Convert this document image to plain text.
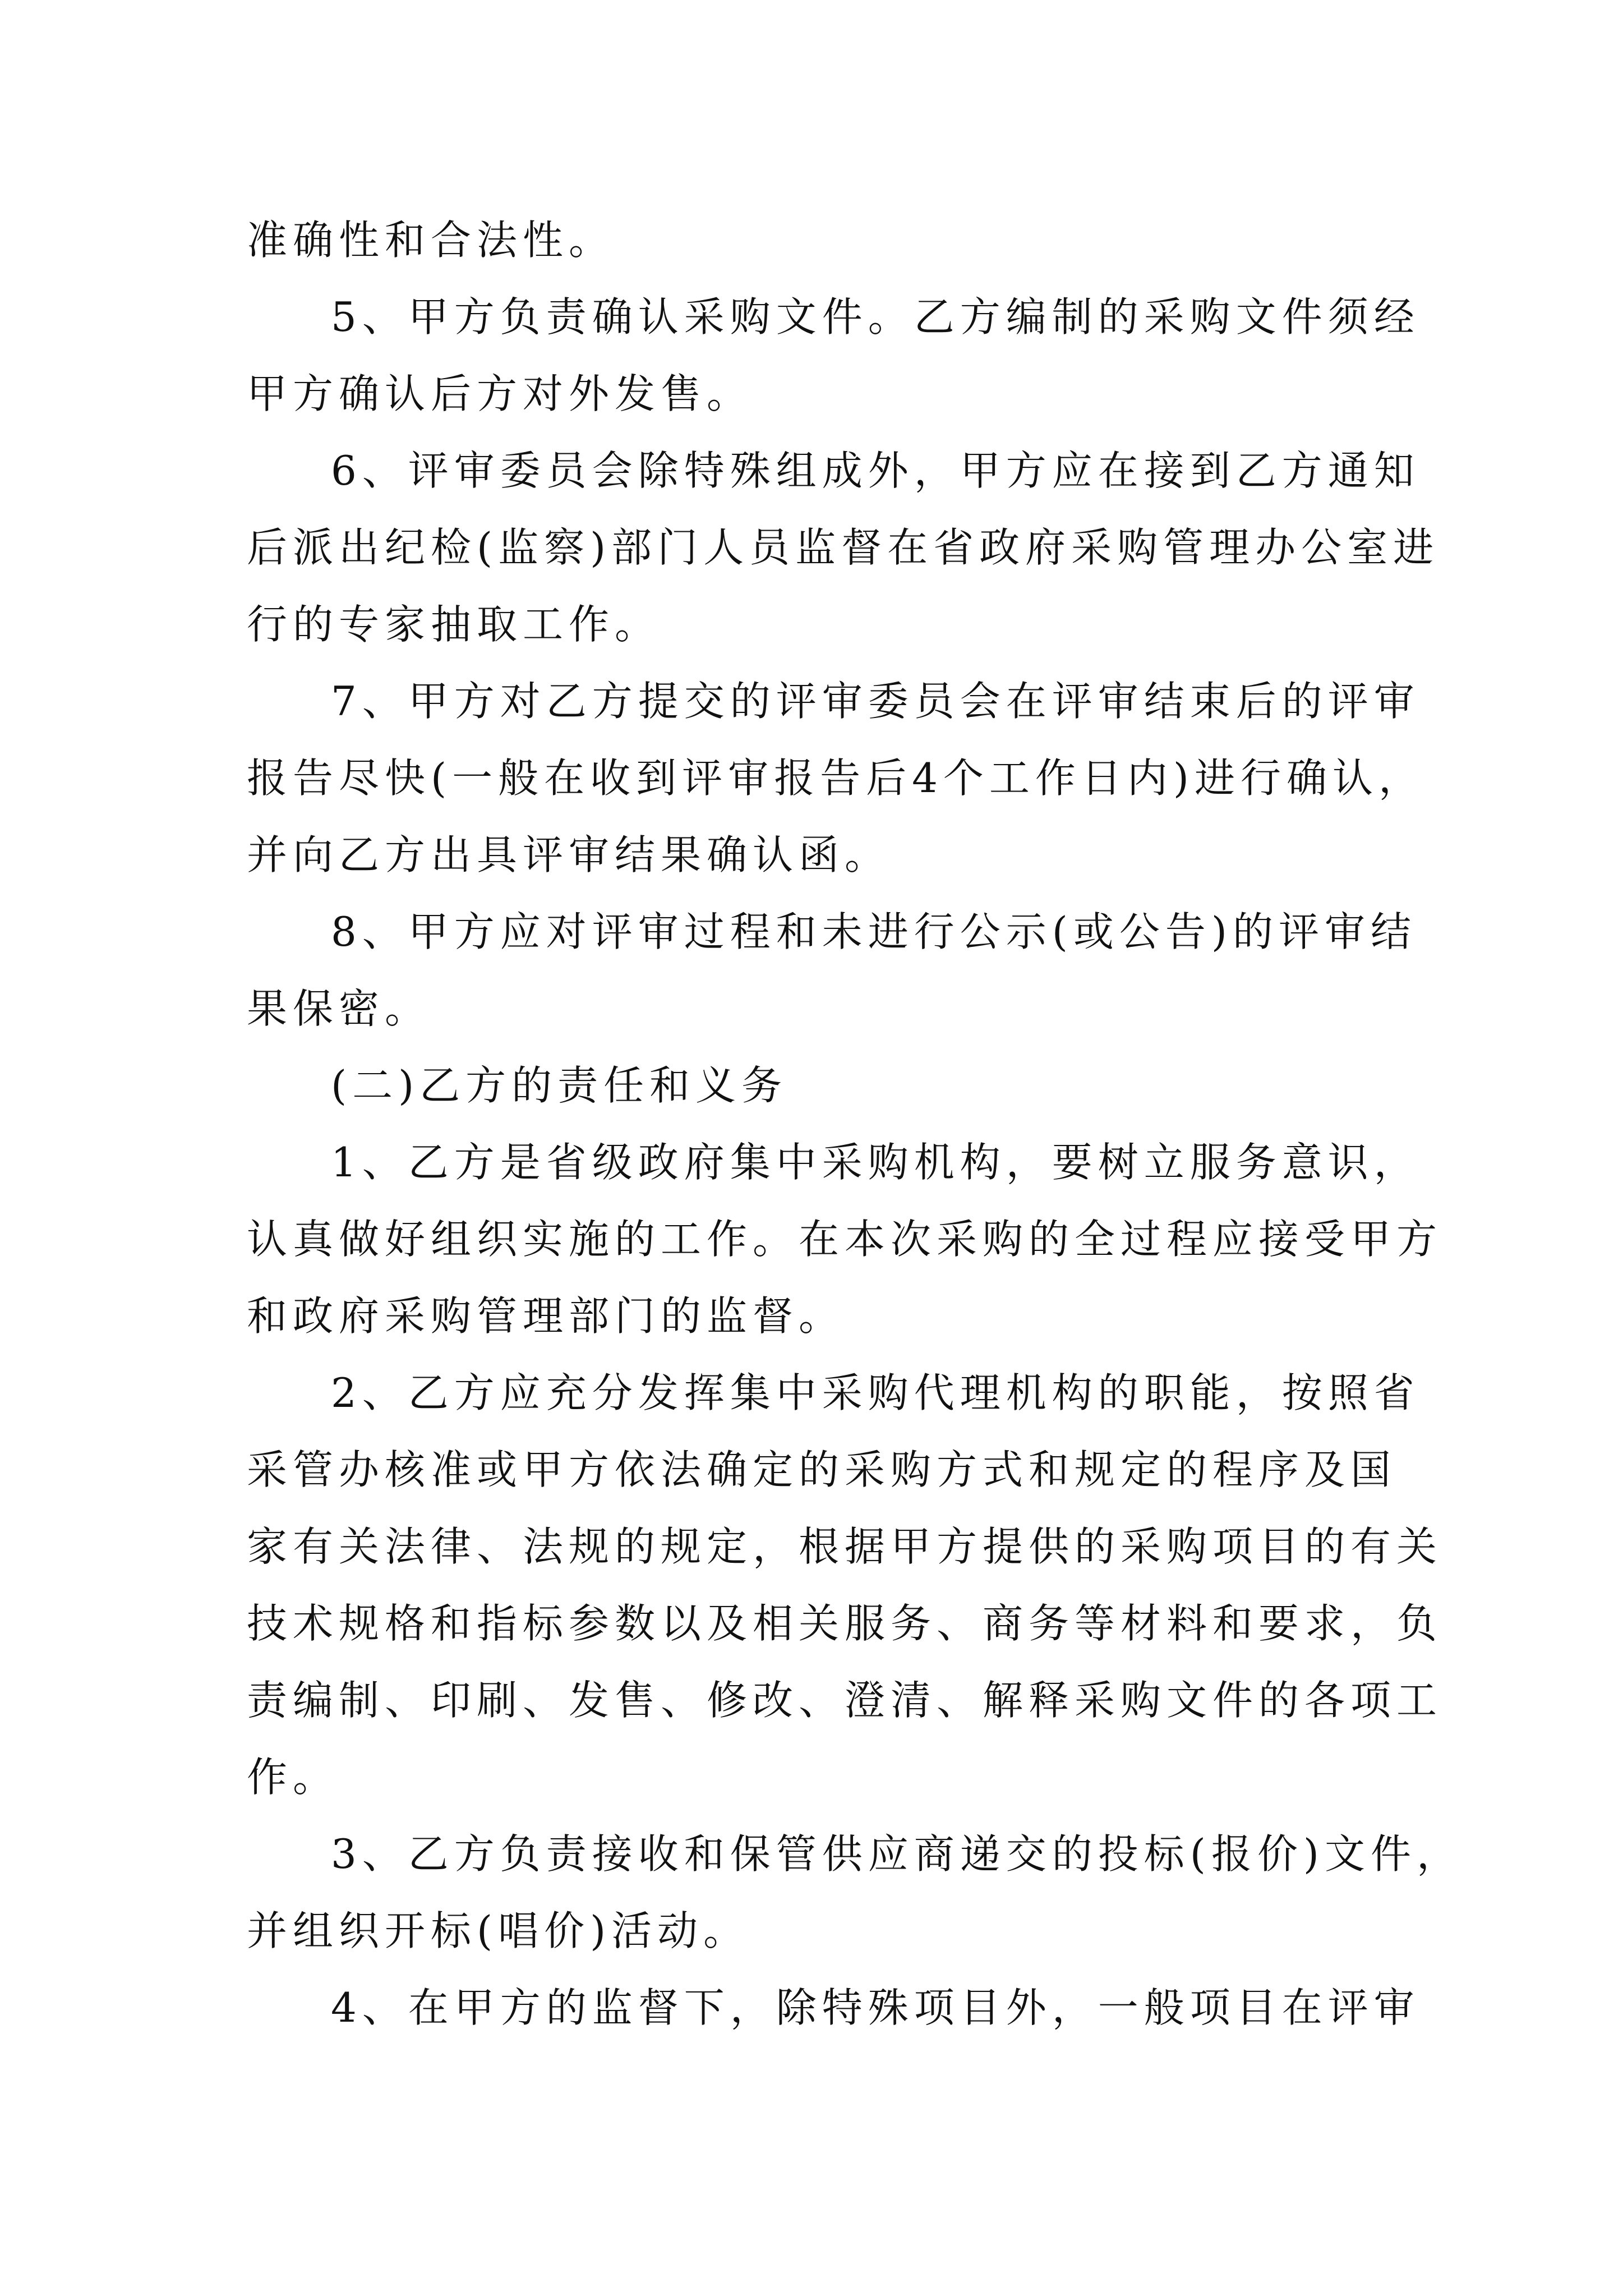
准确性和合法性。
5、甲方负责确认采购文件。乙方编制的采购文件须经
甲方确认后方对外发售。
6、评审委员会除特殊组成外，甲方应在接到乙方通知
后派出纪检(监察)部门人员监督在省政府采购管理办公室进
行的专家抽取工作。
7、甲方对乙方提交的评审委员会在评审结束后的评审
报告尽快(一般在收到评审报告后4个工作日内)进行确认，
并向乙方出具评审结果确认函。
8、甲方应对评审过程和未进行公示(或公告)的评审结
果保密。
(二)乙方的责任和义务
1、乙方是省级政府集中采购机构，要树立服务意识，
认真做好组织实施的工作。在本次采购的全过程应接受甲方
和政府采购管理部门的监督。
2、乙方应充分发挥集中采购代理机构的职能，按照省
采管办核准或甲方依法确定的采购方式和规定的程序及国
家有关法律、法规的规定，根据甲方提供的采购项目的有关
技术规格和指标参数以及相关服务、商务等材料和要求，负
责编制、印刷、发售、修改、澄清、解释采购文件的各项工
作。
3、乙方负责接收和保管供应商递交的投标(报价)文件，
并组织开标(唱价)活动。
4、在甲方的监督下，除特殊项目外，一般项目在评审
